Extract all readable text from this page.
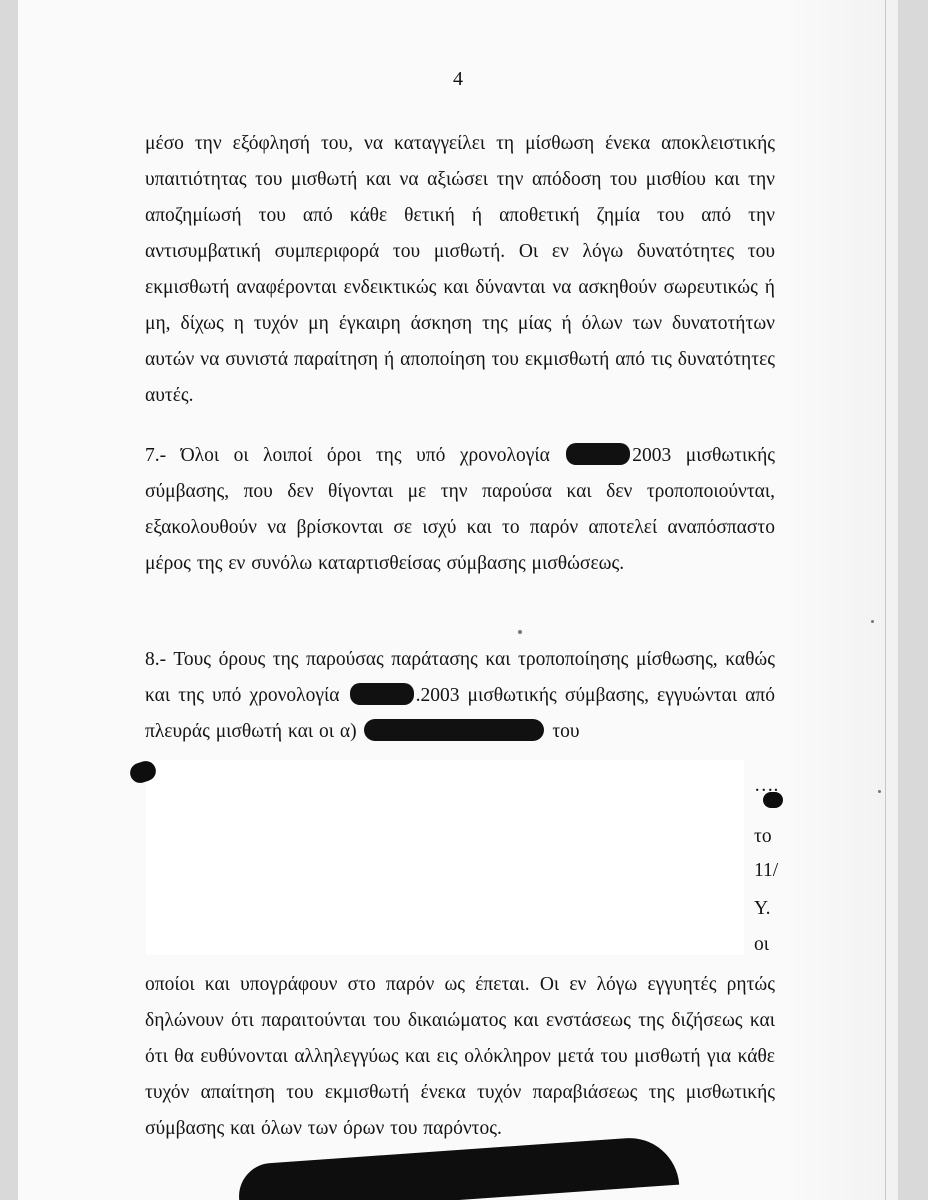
4

μέσο την εξόφλησή του, να καταγγείλει τη μίσθωση ένεκα αποκλειστικής υπαιτιότητας του μισθωτή και να αξιώσει την απόδοση του μισθίου και την αποζημίωσή του από κάθε θετική ή αποθετική ζημία του από την αντισυμβατική συμπεριφορά του μισθωτή. Οι εν λόγω δυνατότητες του εκμισθωτή αναφέρονται ενδεικτικώς και δύνανται να ασκηθούν σωρευτικώς ή μη, δίχως η τυχόν μη έγκαιρη άσκηση της μίας ή όλων των δυνατοτήτων αυτών να συνιστά παραίτηση ή αποποίηση του εκμισθωτή από τις δυνατότητες αυτές.

7.- Όλοι οι λοιποί όροι της υπό χρονολογία	2003 μισθωτικής σύμβασης, που δεν θίγονται με την παρούσα και δεν τροποποιούνται, εξακολουθούν να βρίσκονται σε ισχύ και το παρόν αποτελεί αναπόσπαστο μέρος της εν συνόλω καταρτισθείσας σύμβασης μισθώσεως.

8.- Τους όρους της παρούσας παράτασης και τροποποίησης μίσθωσης, καθώς και της υπό χρονολογία	.2003 μισθωτικής σύμβασης, εγγυώνται από πλευράς μισθωτή και οι α)	του

….
το
11/
Υ.
οι

οποίοι και υπογράφουν στο παρόν ως έπεται. Οι εν λόγω εγγυητές ρητώς δηλώνουν ότι παραιτούνται του δικαιώματος και ενστάσεως της διζήσεως και ότι θα ευθύνονται αλληλεγγύως και εις ολόκληρον μετά του μισθωτή για κάθε τυχόν απαίτηση του εκμισθωτή ένεκα τυχόν παραβιάσεως της μισθωτικής σύμβασης και όλων των όρων του παρόντος.
